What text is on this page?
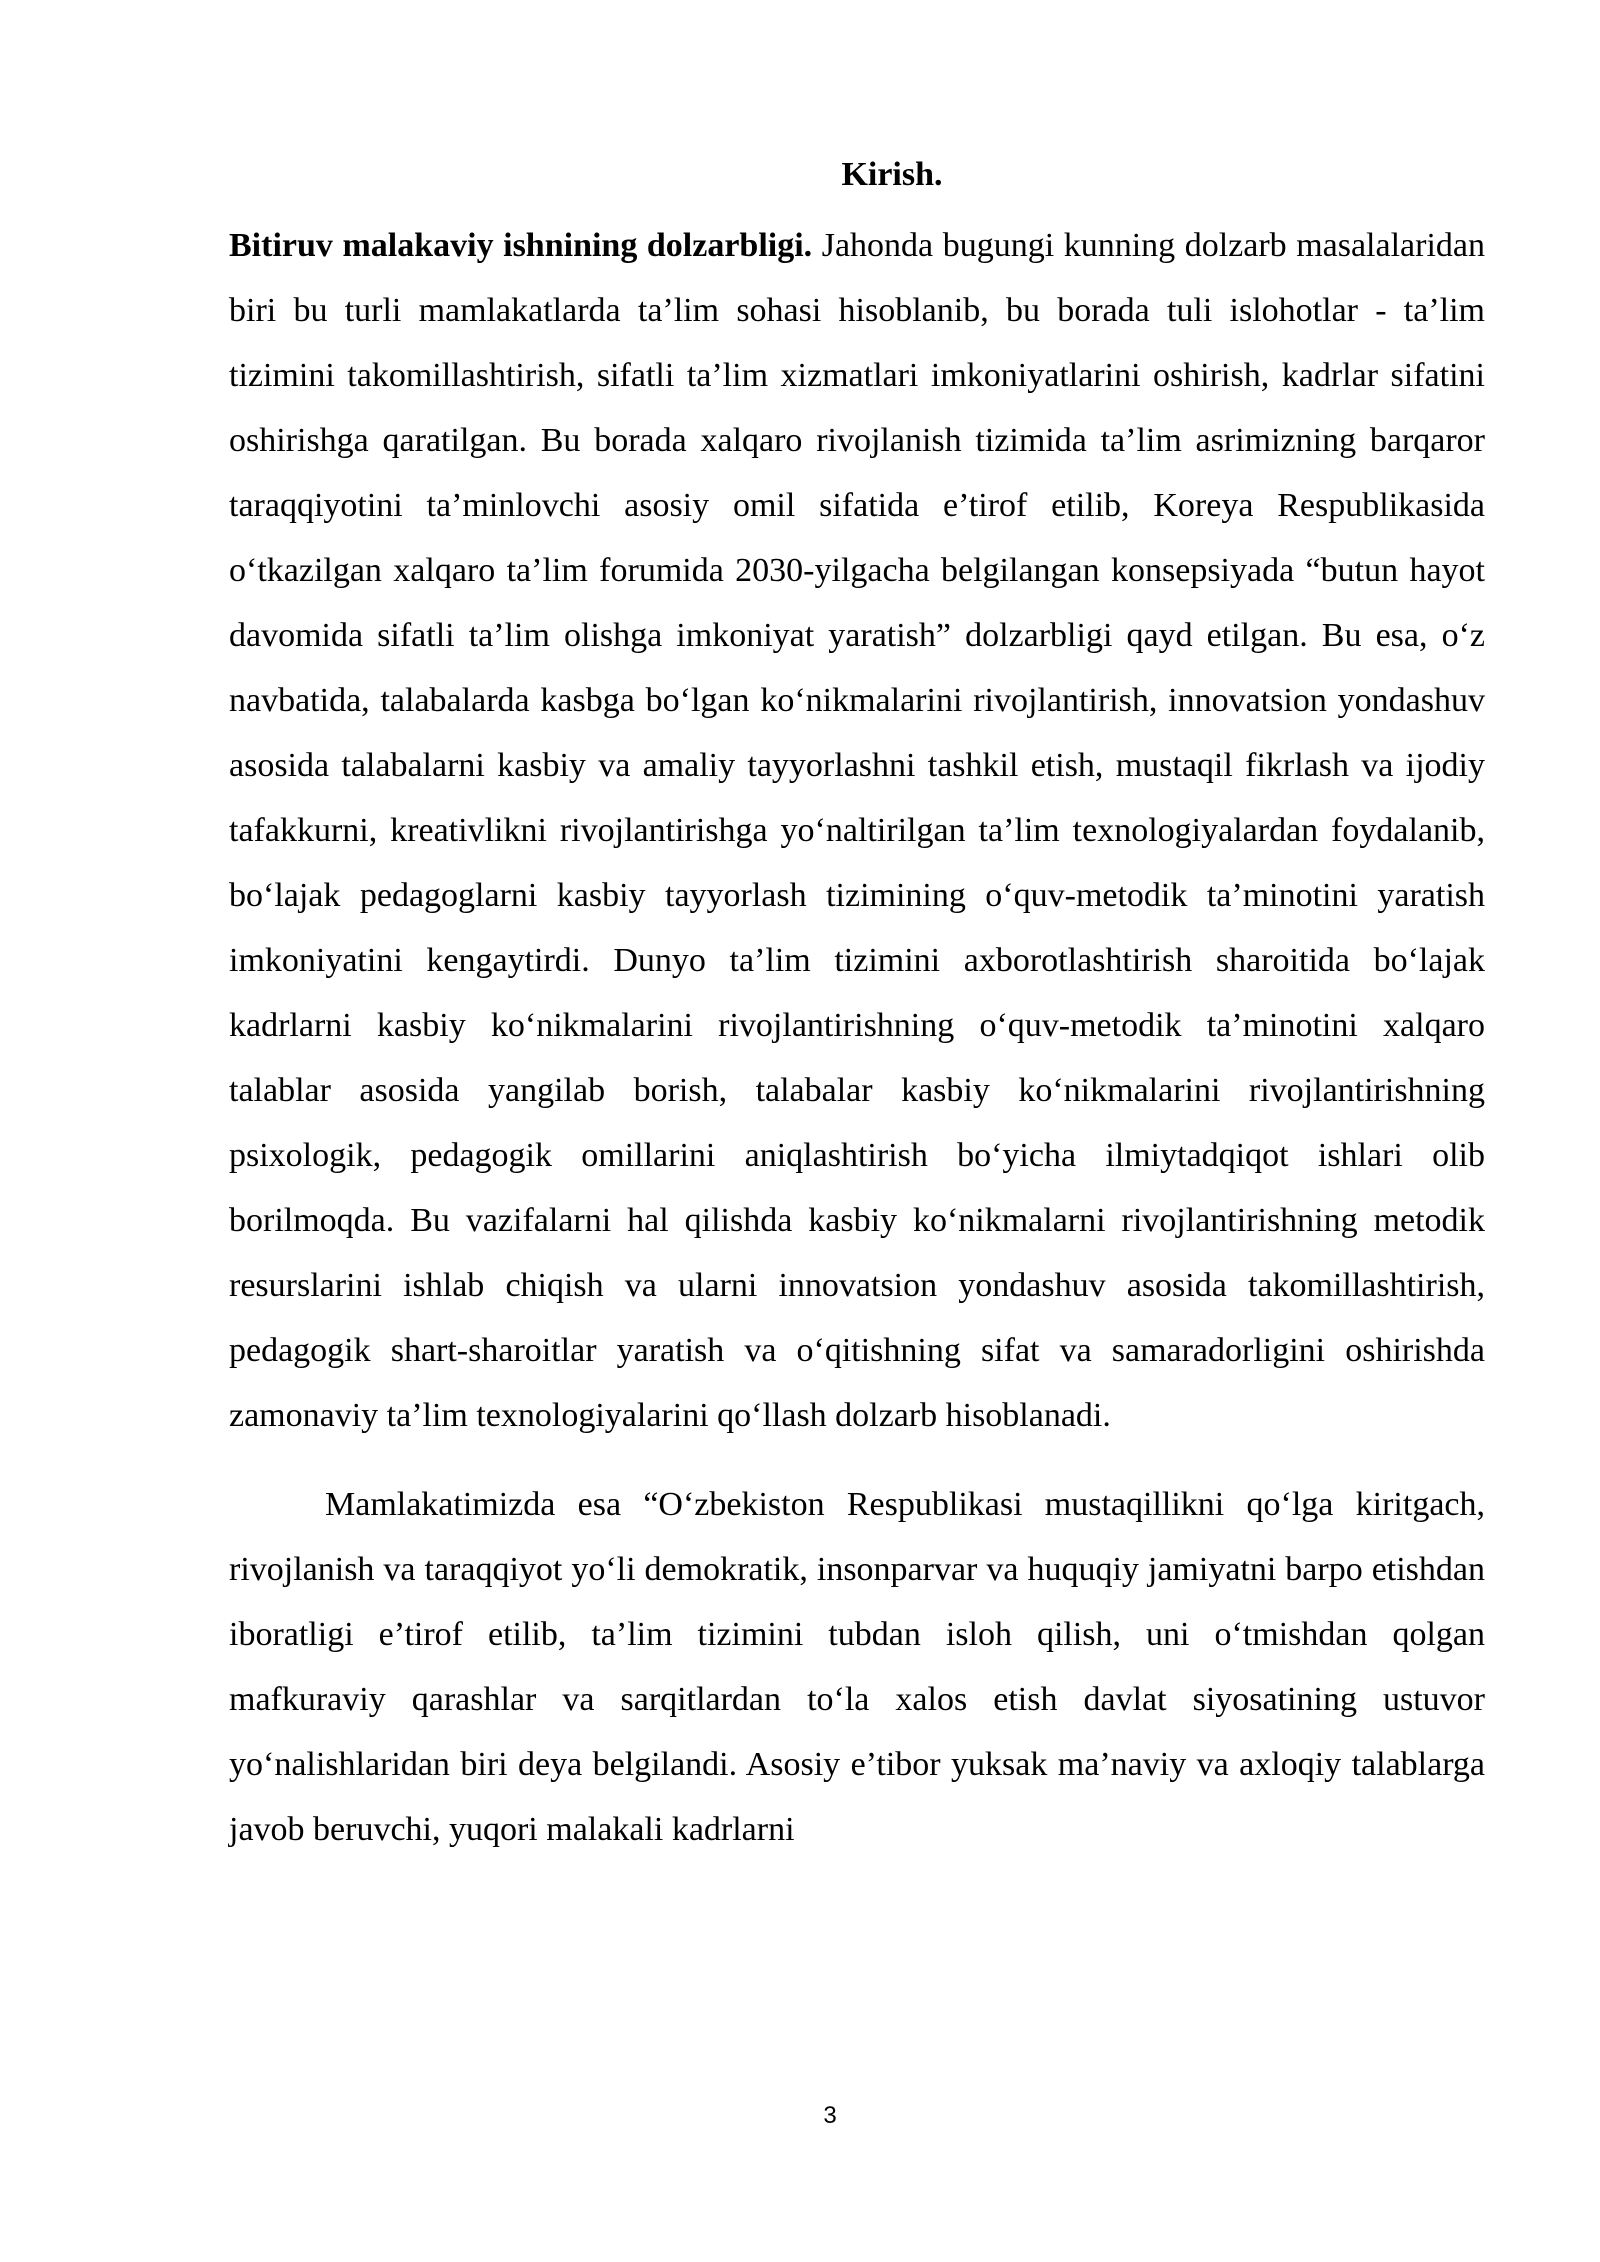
Kirish.

Bitiruv malakaviy ishnining dolzarbligi. Jahonda bugungi kunning dolzarb masalalaridan biri bu turli mamlakatlarda ta’lim sohasi hisoblanib, bu borada tuli islohotlar - ta’lim tizimini takomillashtirish, sifatli ta’lim xizmatlari imkoniyatlarini oshirish, kadrlar sifatini oshirishga qaratilgan. Bu borada xalqaro rivojlanish tizimida ta’lim asrimizning barqaror taraqqiyotini ta’minlovchi asosiy omil sifatida e’tirof etilib, Koreya Respublikasida o‘tkazilgan xalqaro ta’lim forumida 2030-yilgacha belgilangan konsepsiyada “butun hayot davomida sifatli ta’lim olishga imkoniyat yaratish” dolzarbligi qayd etilgan. Bu esa, o‘z navbatida, talabalarda kasbga bo‘lgan ko‘nikmalarini rivojlantirish, innovatsion yondashuv asosida talabalarni kasbiy va amaliy tayyorlashni tashkil etish, mustaqil fikrlash va ijodiy tafakkurni, kreativlikni rivojlantirishga yo‘naltirilgan ta’lim texnologiyalardan foydalanib, bo‘lajak pedagoglarni kasbiy tayyorlash tizimining o‘quv-metodik ta’minotini yaratish imkoniyatini kengaytirdi. Dunyo ta’lim tizimini axborotlashtirish sharoitida bo‘lajak kadrlarni kasbiy ko‘nikmalarini rivojlantirishning o‘quv-metodik ta’minotini xalqaro talablar asosida yangilab borish, talabalar kasbiy ko‘nikmalarini rivojlantirishning psixologik, pedagogik omillarini aniqlashtirish bo‘yicha ilmiytadqiqot ishlari olib borilmoqda. Bu vazifalarni hal qilishda kasbiy ko‘nikmalarni rivojlantirishning metodik resurslarini ishlab chiqish va ularni innovatsion yondashuv asosida takomillashtirish, pedagogik shart-sharoitlar yaratish va o‘qitishning sifat va samaradorligini oshirishda zamonaviy ta’lim texnologiyalarini qo‘llash dolzarb hisoblanadi.

Mamlakatimizda esa “O‘zbekiston Respublikasi mustaqillikni qo‘lga kiritgach, rivojlanish va taraqqiyot yo‘li demokratik, insonparvar va huquqiy jamiyatni barpo etishdan iboratligi e’tirof etilib, ta’lim tizimini tubdan isloh qilish, uni o‘tmishdan qolgan mafkuraviy qarashlar va sarqitlardan to‘la xalos etish davlat siyosatining ustuvor yo‘nalishlaridan biri deya belgilandi. Asosiy e’tibor yuksak ma’naviy va axloqiy talablarga javob beruvchi, yuqori malakali kadrlarni

3
